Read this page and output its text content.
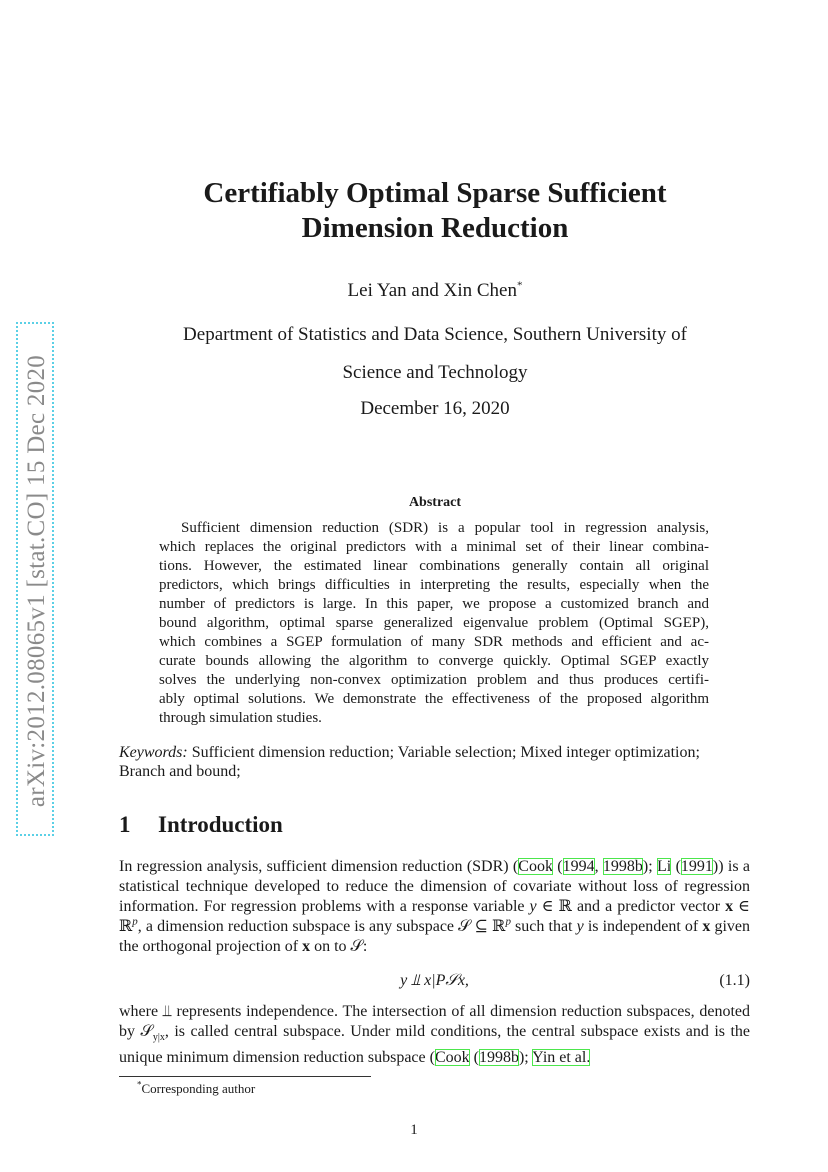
arXiv:2012.08065v1 [stat.CO] 15 Dec 2020
Certifiably Optimal Sparse Sufficient
Dimension Reduction
Lei Yan and Xin Chen*
Department of Statistics and Data Science, Southern University of
Science and Technology
December 16, 2020
Abstract
Sufficient dimension reduction (SDR) is a popular tool in regression analysis,
which replaces the original predictors with a minimal set of their linear combina-
tions. However, the estimated linear combinations generally contain all original
predictors, which brings difficulties in interpreting the results, especially when the
number of predictors is large. In this paper, we propose a customized branch and
bound algorithm, optimal sparse generalized eigenvalue problem (Optimal SGEP),
which combines a SGEP formulation of many SDR methods and efficient and ac-
curate bounds allowing the algorithm to converge quickly. Optimal SGEP exactly
solves the underlying non-convex optimization problem and thus produces certifi-
ably optimal solutions. We demonstrate the effectiveness of the proposed algorithm
through simulation studies.
Keywords: Sufficient dimension reduction; Variable selection; Mixed integer optimization; Branch and bound;
1 Introduction
In regression analysis, sufficient dimension reduction (SDR) (Cook (1994, 1998b); Li (1991)) is a statistical technique developed to reduce the dimension of covariate without loss of regression information. For regression problems with a response variable y ∈ ℝ and a predictor vector x ∈ ℝ$^p$, a dimension reduction subspace is any subspace 𝒮 ⊆ ℝ$^p$ such that y is independent of x given the orthogonal projection of x on to 𝒮:
y ⫫ x|P𝒮x,	(1.1)
where ⫫ represents independence. The intersection of all dimension reduction subspaces, denoted by 𝒮$_{y|x}$, is called central subspace. Under mild conditions, the central subspace exists and is the unique minimum dimension reduction subspace (Cook (1998b); Yin et al.
*Corresponding author
1
